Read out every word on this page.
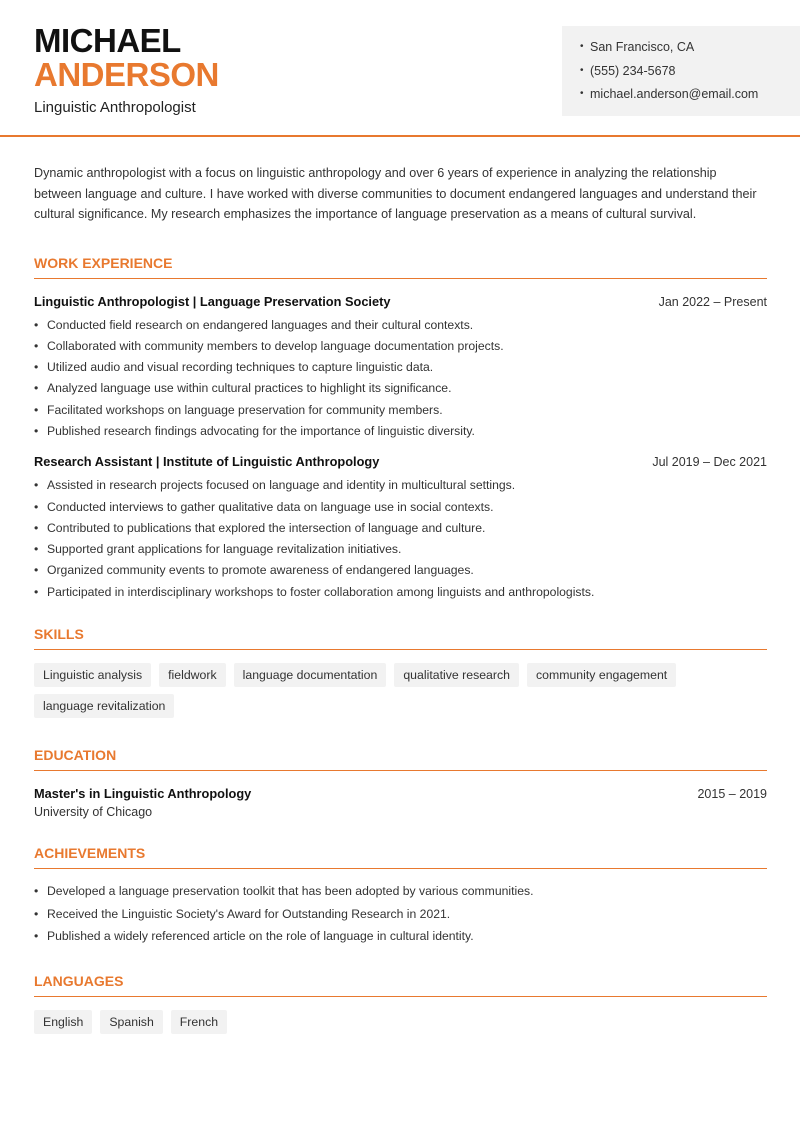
MICHAEL
ANDERSON
Linguistic Anthropologist
• San Francisco, CA
• (555) 234-5678
• michael.anderson@email.com

Dynamic anthropologist with a focus on linguistic anthropology and over 6 years of experience in analyzing the relationship between language and culture. I have worked with diverse communities to document endangered languages and understand their cultural significance. My research emphasizes the importance of language preservation as a means of cultural survival.

WORK EXPERIENCE
Linguistic Anthropologist | Language Preservation Society	Jan 2022 – Present
• Conducted field research on endangered languages and their cultural contexts.
• Collaborated with community members to develop language documentation projects.
• Utilized audio and visual recording techniques to capture linguistic data.
• Analyzed language use within cultural practices to highlight its significance.
• Facilitated workshops on language preservation for community members.
• Published research findings advocating for the importance of linguistic diversity.
Research Assistant | Institute of Linguistic Anthropology	Jul 2019 – Dec 2021
• Assisted in research projects focused on language and identity in multicultural settings.
• Conducted interviews to gather qualitative data on language use in social contexts.
• Contributed to publications that explored the intersection of language and culture.
• Supported grant applications for language revitalization initiatives.
• Organized community events to promote awareness of endangered languages.
• Participated in interdisciplinary workshops to foster collaboration among linguists and anthropologists.
SKILLS
Linguistic analysis	fieldwork	language documentation	qualitative research	community engagement
language revitalization
EDUCATION
Master's in Linguistic Anthropology	2015 – 2019
University of Chicago
ACHIEVEMENTS
• Developed a language preservation toolkit that has been adopted by various communities.
• Received the Linguistic Society's Award for Outstanding Research in 2021.
• Published a widely referenced article on the role of language in cultural identity.
LANGUAGES
English	Spanish	French
